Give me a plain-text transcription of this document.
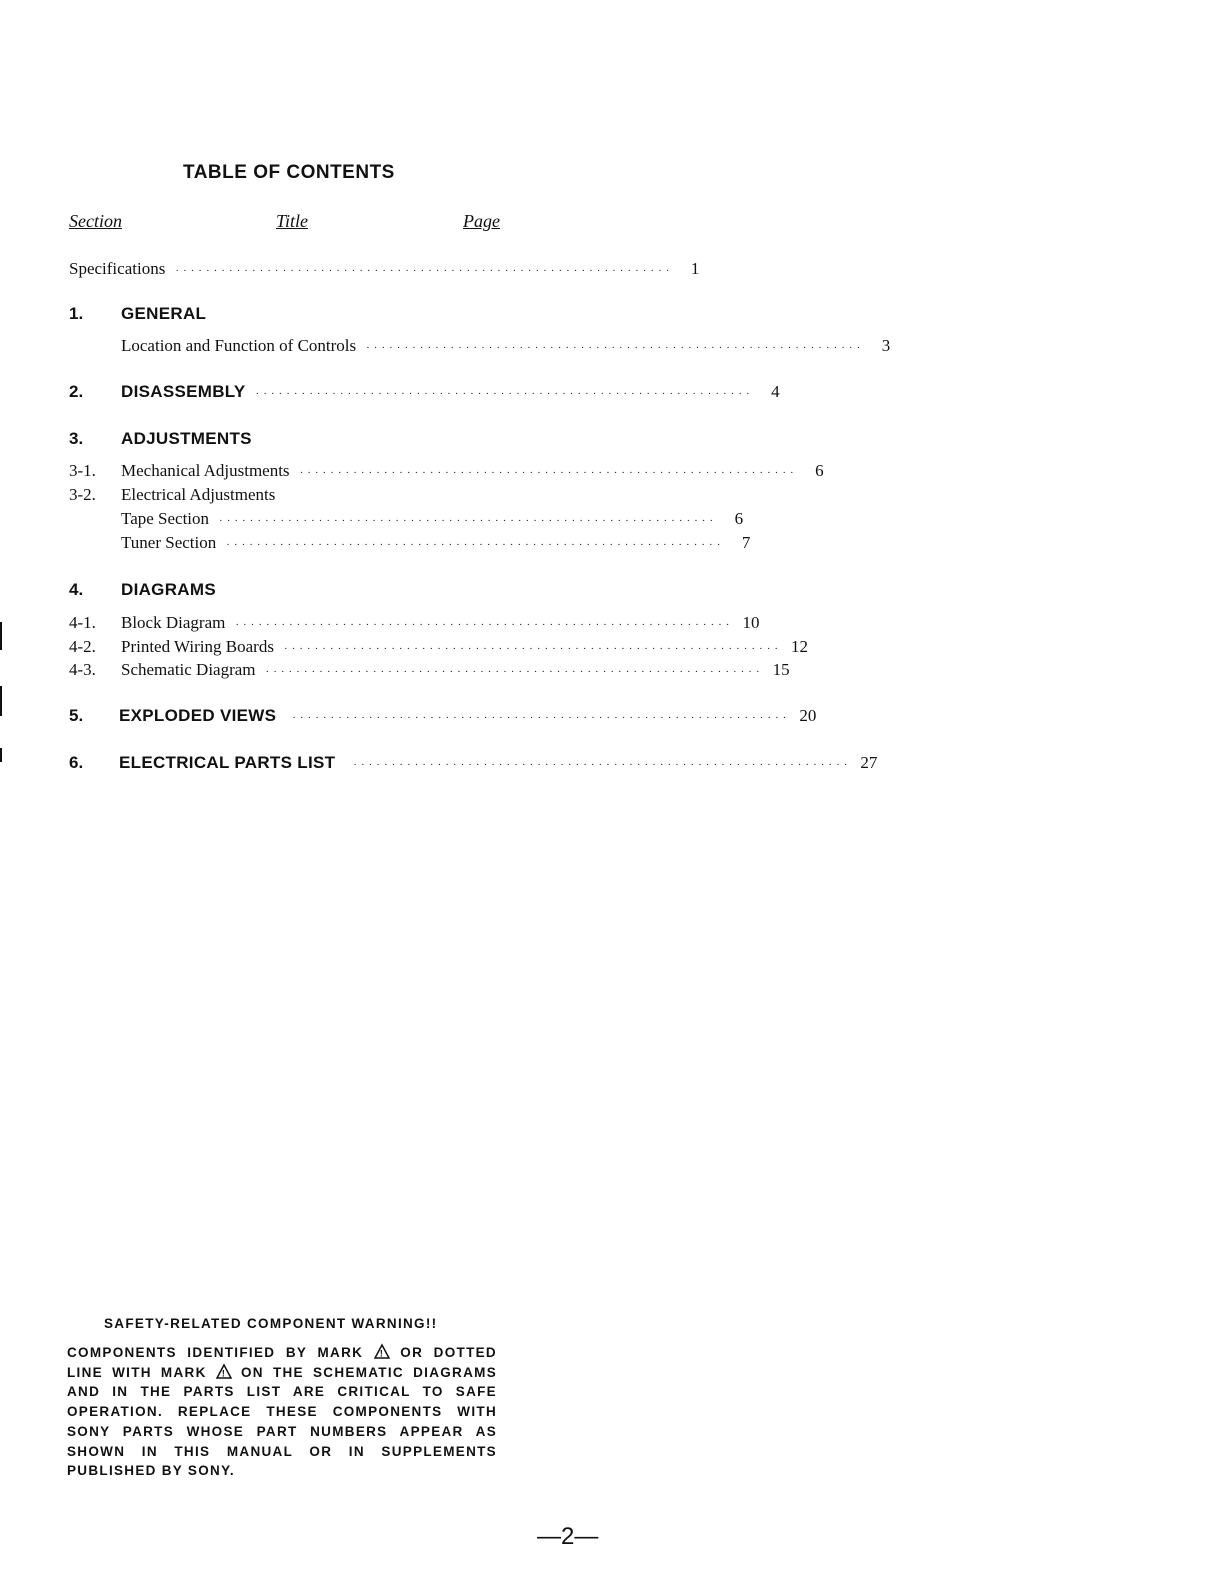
TABLE OF CONTENTS
Section	Title	Page
Specifications ·································································	1
1. GENERAL
Location and Function of Controls ·································································	3
2. DISASSEMBLY ·································································	4
3. ADJUSTMENTS
3-1. Mechanical Adjustments ·································································	6
3-2. Electrical Adjustments
Tape Section ·································································	6
Tuner Section ·································································	7
4. DIAGRAMS
4-1. Block Diagram ································································· 10
4-2. Printed Wiring Boards ································································· 12
4-3. Schematic Diagram ································································· 15
5. EXPLODED VIEWS ································································· 20
6. ELECTRICAL PARTS LIST ································································· 27
SAFETY-RELATED COMPONENT WARNING!!
COMPONENTS IDENTIFIED BY MARK ! OR DOTTED LINE WITH MARK ! ON THE SCHEMATIC DIAGRAMS AND IN THE PARTS LIST ARE CRITICAL TO SAFE OPERATION. REPLACE THESE COMPONENTS WITH SONY PARTS WHOSE PART NUMBERS APPEAR AS SHOWN IN THIS MANUAL OR IN SUPPLEMENTS PUBLISHED BY SONY.
—2—
